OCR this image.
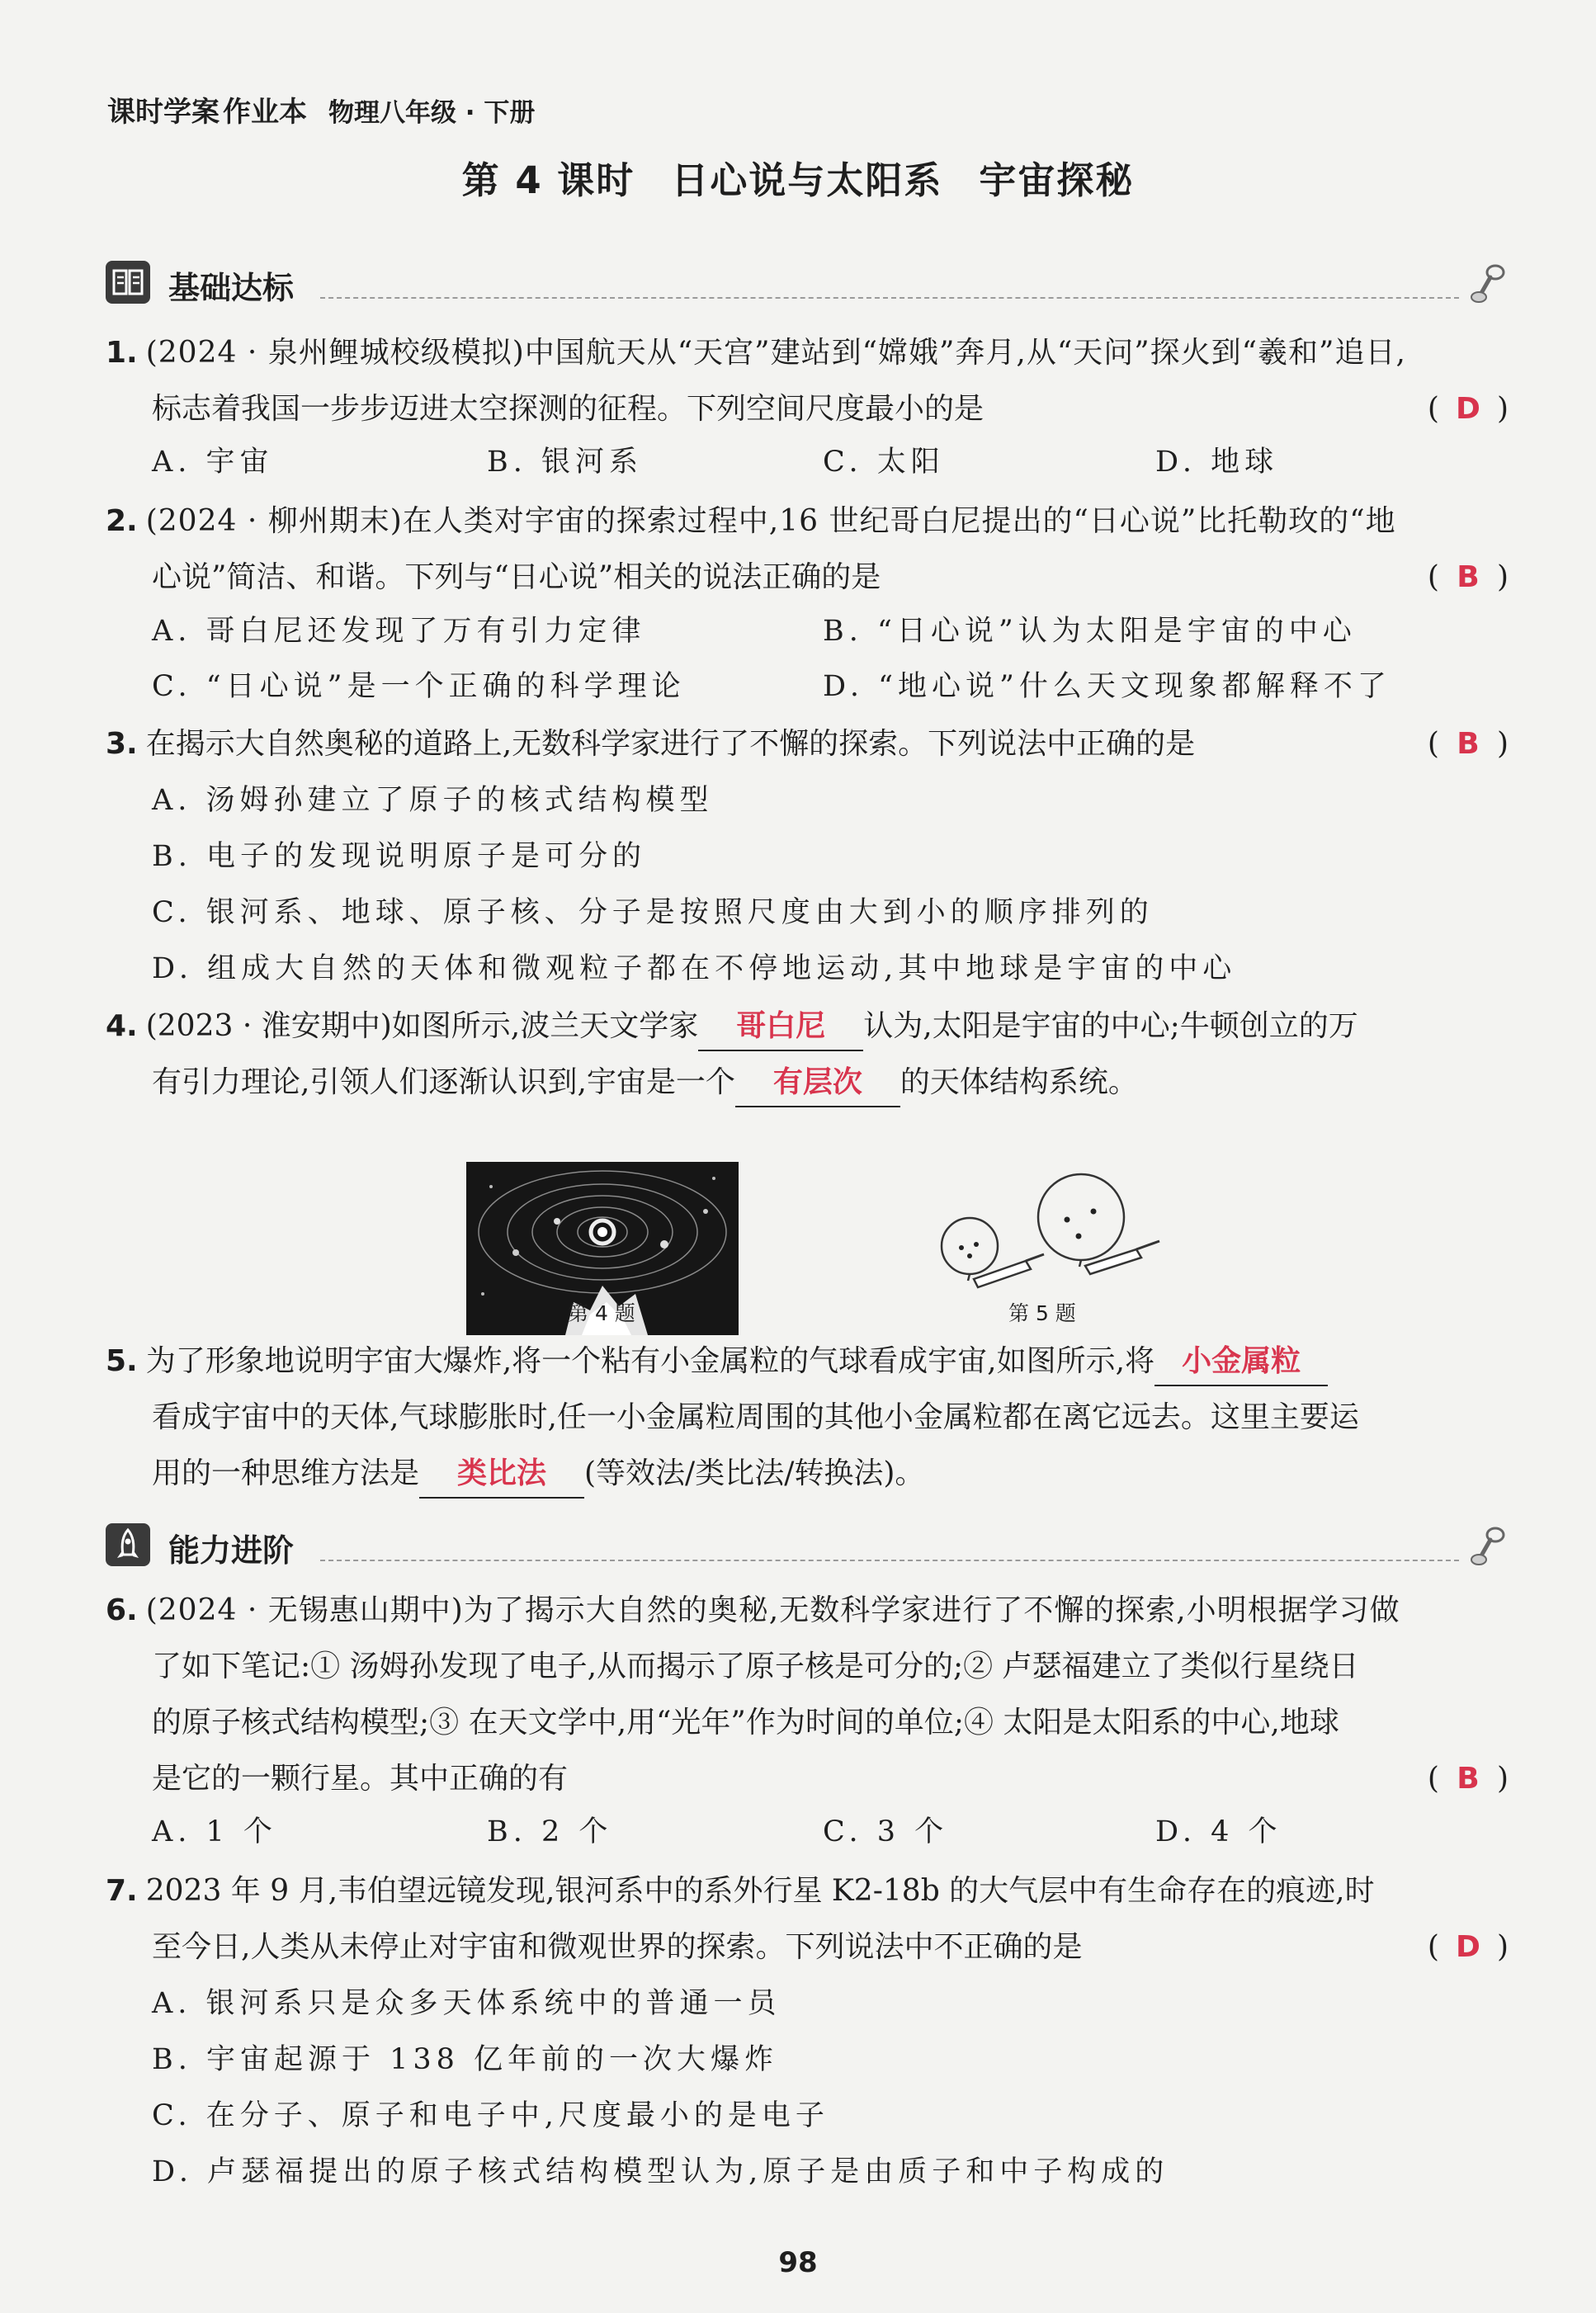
课时学案 作业本 物理八年级 · 下册
第 4 课时 日心说与太阳系 宇宙探秘
基础达标
1. (2024 · 泉州鲤城校级模拟)中国航天从“天宫”建站到“嫦娥”奔月,从“天问”探火到“羲和”追日,
标志着我国一步步迈进太空探测的征程。下列空间尺度最小的是	( D )
A. 宇宙	B. 银河系	C. 太阳	D. 地球
2. (2024 · 柳州期末)在人类对宇宙的探索过程中,16 世纪哥白尼提出的“日心说”比托勒玫的“地
心说”简洁、和谐。下列与“日心说”相关的说法正确的是	( B )
A. 哥白尼还发现了万有引力定律	B. “日心说”认为太阳是宇宙的中心
C. “日心说”是一个正确的科学理论	D. “地心说”什么天文现象都解释不了
3. 在揭示大自然奥秘的道路上,无数科学家进行了不懈的探索。下列说法中正确的是	( B )
A. 汤姆孙建立了原子的核式结构模型
B. 电子的发现说明原子是可分的
C. 银河系、地球、原子核、分子是按照尺度由大到小的顺序排列的
D. 组成大自然的天体和微观粒子都在不停地运动,其中地球是宇宙的中心
4. (2023 · 淮安期中)如图所示,波兰天文学家 哥白尼 认为,太阳是宇宙的中心;牛顿创立的万
有引力理论,引领人们逐渐认识到,宇宙是一个 有层次 的天体结构系统。
第 4 题	第 5 题
5. 为了形象地说明宇宙大爆炸,将一个粘有小金属粒的气球看成宇宙,如图所示,将 小金属粒
看成宇宙中的天体,气球膨胀时,任一小金属粒周围的其他小金属粒都在离它远去。这里主要运
用的一种思维方法是 类比法 (等效法/类比法/转换法)。
能力进阶
6. (2024 · 无锡惠山期中)为了揭示大自然的奥秘,无数科学家进行了不懈的探索,小明根据学习做
了如下笔记:① 汤姆孙发现了电子,从而揭示了原子核是可分的;② 卢瑟福建立了类似行星绕日
的原子核式结构模型;③ 在天文学中,用“光年”作为时间的单位;④ 太阳是太阳系的中心,地球
是它的一颗行星。其中正确的有	( B )
A. 1 个	B. 2 个	C. 3 个	D. 4 个
7. 2023 年 9 月,韦伯望远镜发现,银河系中的系外行星 K2-18b 的大气层中有生命存在的痕迹,时
至今日,人类从未停止对宇宙和微观世界的探索。下列说法中不正确的是	( D )
A. 银河系只是众多天体系统中的普通一员
B. 宇宙起源于 138 亿年前的一次大爆炸
C. 在分子、原子和电子中,尺度最小的是电子
D. 卢瑟福提出的原子核式结构模型认为,原子是由质子和中子构成的
98
